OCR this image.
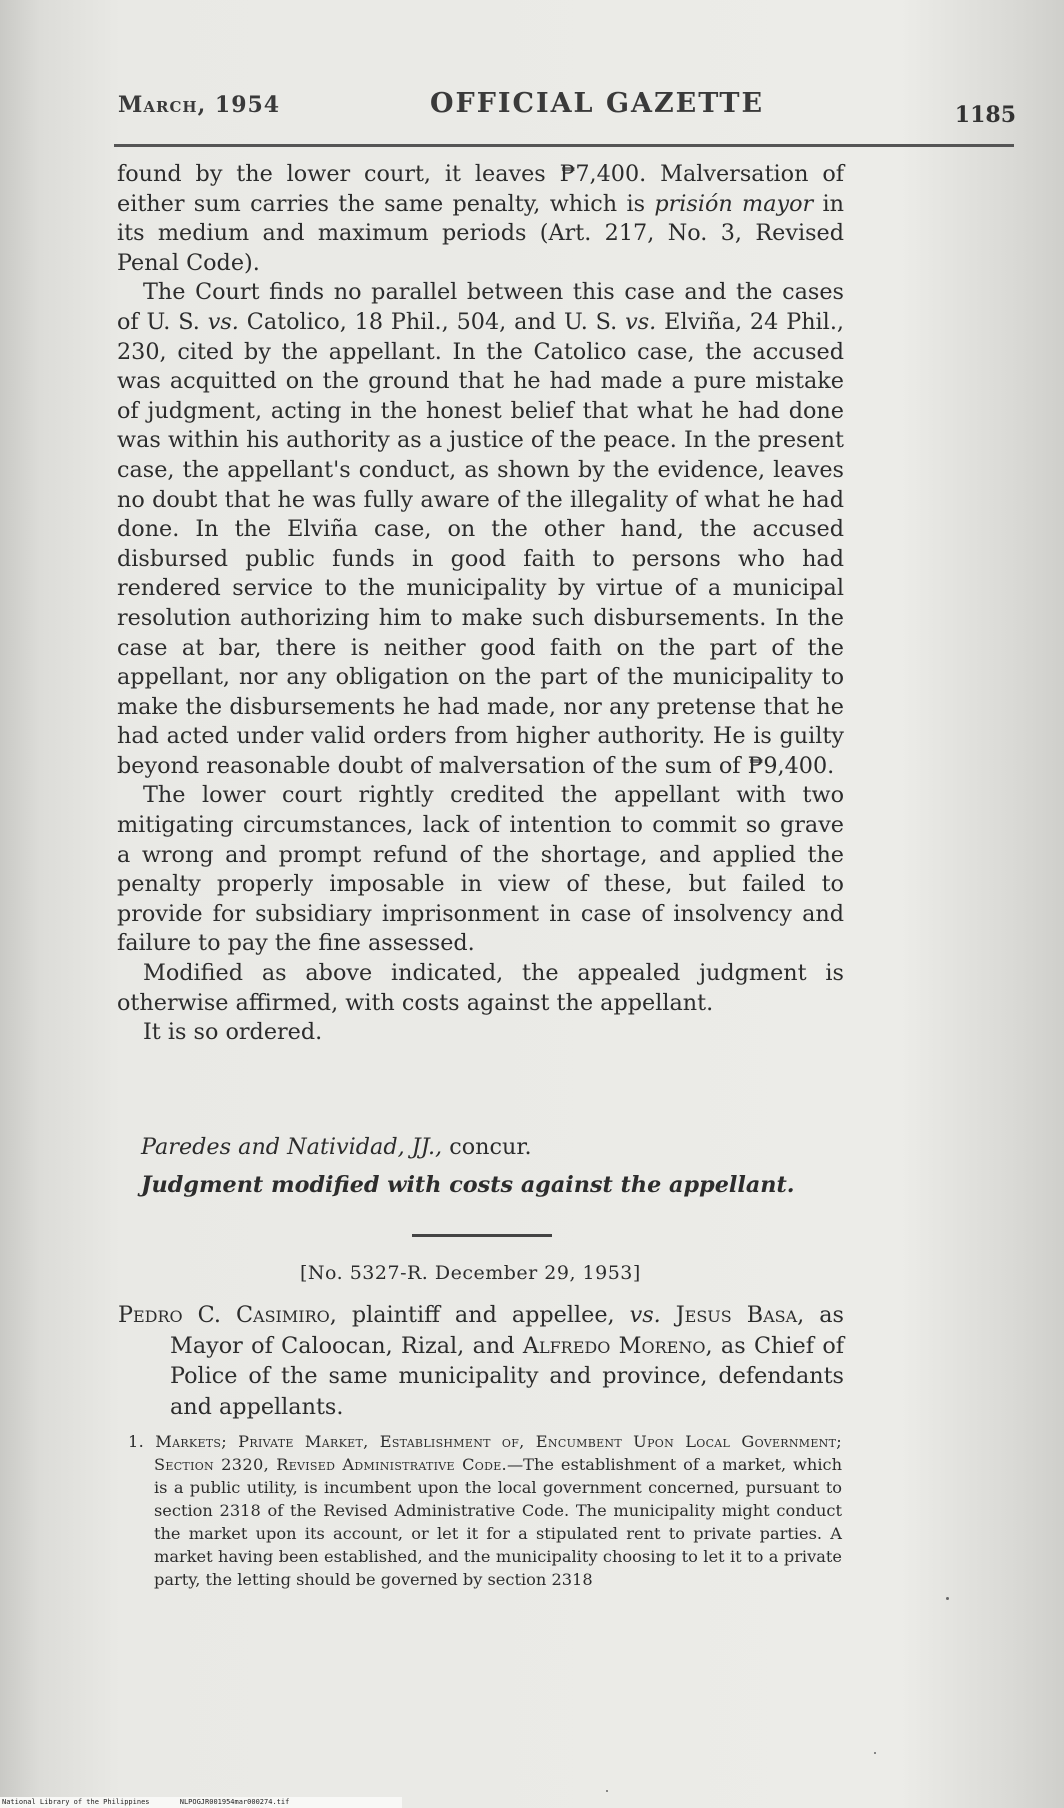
March, 1954	OFFICIAL GAZETTE	1185

found by the lower court, it leaves ₱7,400. Malversation of either sum carries the same penalty, which is prisión mayor in its medium and maximum periods (Art. 217, No. 3, Revised Penal Code).

The Court finds no parallel between this case and the cases of U. S. vs. Catolico, 18 Phil., 504, and U. S. vs. Elviña, 24 Phil., 230, cited by the appellant. In the Catolico case, the accused was acquitted on the ground that he had made a pure mistake of judgment, acting in the honest belief that what he had done was within his authority as a justice of the peace. In the present case, the appellant's conduct, as shown by the evidence, leaves no doubt that he was fully aware of the illegality of what he had done. In the Elviña case, on the other hand, the accused disbursed public funds in good faith to persons who had rendered service to the municipality by virtue of a municipal resolution authorizing him to make such disbursements. In the case at bar, there is neither good faith on the part of the appellant, nor any obligation on the part of the municipality to make the disbursements he had made, nor any pretense that he had acted under valid orders from higher authority. He is guilty beyond reasonable doubt of malversation of the sum of ₱9,400.

The lower court rightly credited the appellant with two mitigating circumstances, lack of intention to commit so grave a wrong and prompt refund of the shortage, and applied the penalty properly imposable in view of these, but failed to provide for subsidiary imprisonment in case of insolvency and failure to pay the fine assessed.

Modified as above indicated, the appealed judgment is otherwise affirmed, with costs against the appellant.

It is so ordered.

Paredes and Natividad, JJ., concur.
Judgment modified with costs against the appellant.
[No. 5327-R. December 29, 1953]

Pedro C. Casimiro, plaintiff and appellee, vs. Jesus Basa, as Mayor of Caloocan, Rizal, and Alfredo Moreno, as Chief of Police of the same municipality and province, defendants and appellants.

1. Markets; Private Market, Establishment of, Encumbent Upon Local Government; Section 2320, Revised Administrative Code.—The establishment of a market, which is a public utility, is incumbent upon the local government concerned, pursuant to section 2318 of the Revised Administrative Code. The municipality might conduct the market upon its account, or let it for a stipulated rent to private parties. A market having been established, and the municipality choosing to let it to a private party, the letting should be governed by section 2318

National Library of the Philippines	NLPOGJR001954mar000274.tif
